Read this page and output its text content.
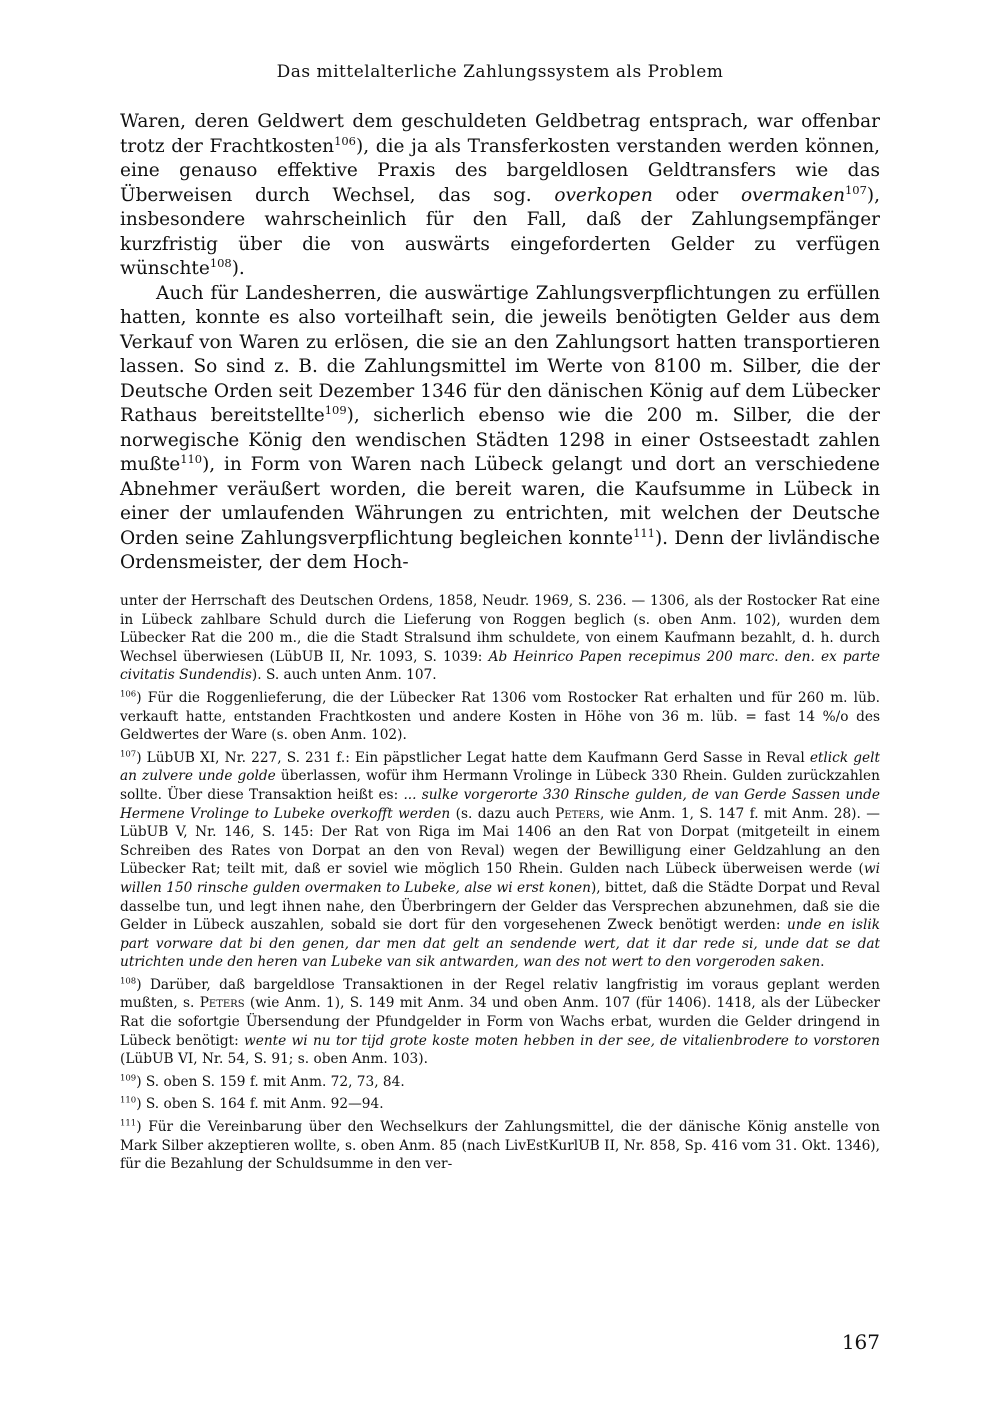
Das mittelalterliche Zahlungssystem als Problem

Waren, deren Geldwert dem geschuldeten Geldbetrag entsprach, war offenbar trotz der Frachtkosten$^{106}$), die ja als Transferkosten verstanden werden können, eine genauso effektive Praxis des bargeldlosen Geldtransfers wie das Überweisen durch Wechsel, das sog. overkopen oder overmaken$^{107}$), insbesondere wahrscheinlich für den Fall, daß der Zahlungsempfänger kurzfristig über die von auswärts eingeforderten Gelder zu verfügen wünschte$^{108}$).

Auch für Landesherren, die auswärtige Zahlungsverpflichtungen zu erfüllen hatten, konnte es also vorteilhaft sein, die jeweils benötigten Gelder aus dem Verkauf von Waren zu erlösen, die sie an den Zahlungsort hatten transportieren lassen. So sind z. B. die Zahlungsmittel im Werte von 8100 m. Silber, die der Deutsche Orden seit Dezember 1346 für den dänischen König auf dem Lübecker Rathaus bereitstellte$^{109}$), sicherlich ebenso wie die 200 m. Silber, die der norwegische König den wendischen Städten 1298 in einer Ostseestadt zahlen mußte$^{110}$), in Form von Waren nach Lübeck gelangt und dort an verschiedene Abnehmer veräußert worden, die bereit waren, die Kaufsumme in Lübeck in einer der umlaufenden Währungen zu entrichten, mit welchen der Deutsche Orden seine Zahlungsverpflichtung begleichen konnte$^{111}$). Denn der livländische Ordensmeister, der dem Hoch-

unter der Herrschaft des Deutschen Ordens, 1858, Neudr. 1969, S. 236. — 1306, als der Rostocker Rat eine in Lübeck zahlbare Schuld durch die Lieferung von Roggen beglich (s. oben Anm. 102), wurden dem Lübecker Rat die 200 m., die die Stadt Stralsund ihm schuldete, von einem Kaufmann bezahlt, d. h. durch Wechsel überwiesen (LübUB II, Nr. 1093, S. 1039: Ab Heinrico Papen recepimus 200 marc. den. ex parte civitatis Sundendis). S. auch unten Anm. 107.

$^{106}$) Für die Roggenlieferung, die der Lübecker Rat 1306 vom Rostocker Rat erhalten und für 260 m. lüb. verkauft hatte, entstanden Frachtkosten und andere Kosten in Höhe von 36 m. lüb. = fast 14 %/o des Geldwertes der Ware (s. oben Anm. 102).

$^{107}$) LübUB XI, Nr. 227, S. 231 f.: Ein päpstlicher Legat hatte dem Kaufmann Gerd Sasse in Reval etlick gelt an zulvere unde golde überlassen, wofür ihm Hermann Vrolinge in Lübeck 330 Rhein. Gulden zurückzahlen sollte. Über diese Transaktion heißt es: ... sulke vorgerorte 330 Rinsche gulden, de van Gerde Sassen unde Hermene Vrolinge to Lubeke overkofft werden (s. dazu auch Peters, wie Anm. 1, S. 147 f. mit Anm. 28). — LübUB V, Nr. 146, S. 145: Der Rat von Riga im Mai 1406 an den Rat von Dorpat (mitgeteilt in einem Schreiben des Rates von Dorpat an den von Reval) wegen der Bewilligung einer Geldzahlung an den Lübecker Rat; teilt mit, daß er soviel wie möglich 150 Rhein. Gulden nach Lübeck überweisen werde (wi willen 150 rinsche gulden overmaken to Lubeke, alse wi erst konen), bittet, daß die Städte Dorpat und Reval dasselbe tun, und legt ihnen nahe, den Überbringern der Gelder das Versprechen abzunehmen, daß sie die Gelder in Lübeck auszahlen, sobald sie dort für den vorgesehenen Zweck benötigt werden: unde en islik part vorware dat bi den genen, dar men dat gelt an sendende wert, dat it dar rede si, unde dat se dat utrichten unde den heren van Lubeke van sik antwarden, wan des not wert to den vorgeroden saken.

$^{108}$) Darüber, daß bargeldlose Transaktionen in der Regel relativ langfristig im voraus geplant werden mußten, s. Peters (wie Anm. 1), S. 149 mit Anm. 34 und oben Anm. 107 (für 1406). 1418, als der Lübecker Rat die sofortgie Übersendung der Pfundgelder in Form von Wachs erbat, wurden die Gelder dringend in Lübeck benötigt: wente wi nu tor tijd grote koste moten hebben in der see, de vitalienbrodere to vorstoren (LübUB VI, Nr. 54, S. 91; s. oben Anm. 103).

$^{109}$) S. oben S. 159 f. mit Anm. 72, 73, 84.

$^{110}$) S. oben S. 164 f. mit Anm. 92—94.

$^{111}$) Für die Vereinbarung über den Wechselkurs der Zahlungsmittel, die der dänische König anstelle von Mark Silber akzeptieren wollte, s. oben Anm. 85 (nach LivEstKurlUB II, Nr. 858, Sp. 416 vom 31. Okt. 1346), für die Bezahlung der Schuldsumme in den ver-

167
